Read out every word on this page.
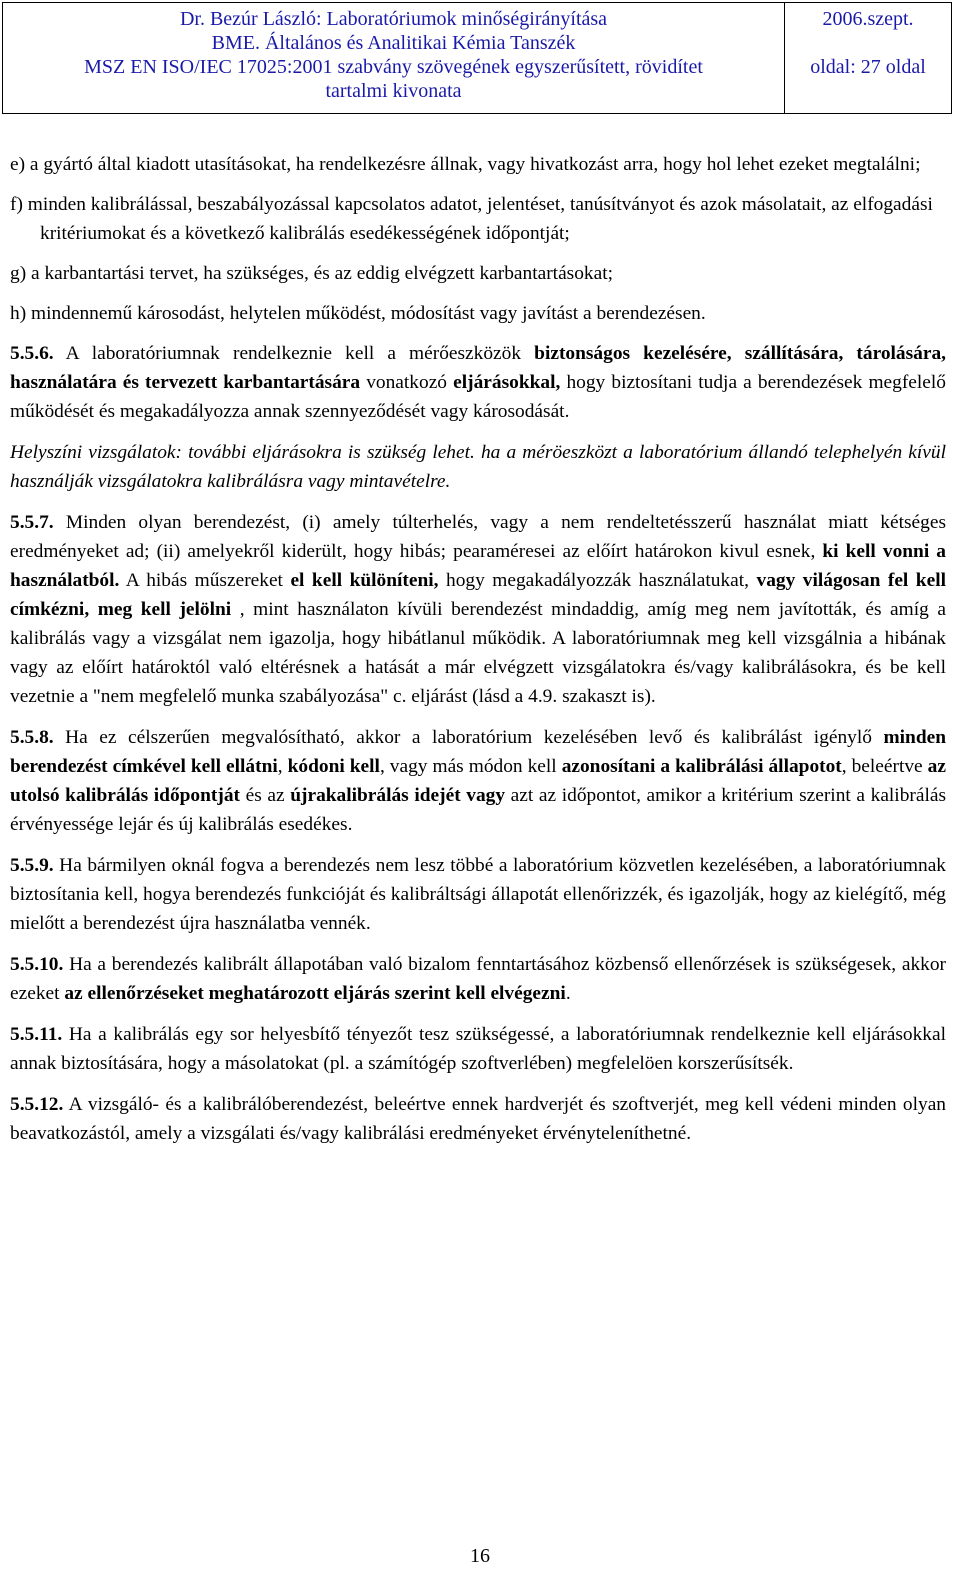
Dr. Bezúr László: Laboratóriumok minőségirányítása
BME. Általános és Analitikai Kémia Tanszék
MSZ EN ISO/IEC 17025:2001 szabvány szövegének egyszerűsített, rövidítet
tartalmi kivonata
2006.szept.
oldal: 27 oldal

e) a gyártó által kiadott utasításokat, ha rendelkezésre állnak, vagy hivatkozást arra, hogy hol lehet ezeket megtalálni;

f) minden kalibrálással, beszabályozással kapcsolatos adatot, jelentéset, tanúsítványot és azok másolatait, az elfogadási kritériumokat és a következő kalibrálás esedékességének időpontját;

g) a karbantartási tervet, ha szükséges, és az eddig elvégzett karbantartásokat;

h) mindennemű károsodást, helytelen működést, módosítást vagy javítást a berendezésen.

5.5.6. A laboratóriumnak rendelkeznie kell a mérőeszközök biztonságos kezelésére, szállítására, tárolására, használatára és tervezett karbantartására vonatkozó eljárásokkal, hogy biztosítani tudja a berendezések megfelelő működését és megakadályozza annak szennyeződését vagy károsodását.

Helyszíni vizsgálatok: további eljárásokra is szükség lehet. ha a méröeszközt a laboratórium állandó telephelyén kívül használják vizsgálatokra kalibrálásra vagy mintavételre.

5.5.7. Minden olyan berendezést, (i) amely túlterhelés, vagy a nem rendeltetésszerű használat miatt kétséges eredményeket ad; (ii) amelyekről kiderült, hogy hibás; pearaméresei az előírt határokon kivul esnek, ki kell vonni a használatból. A hibás műszereket el kell különíteni, hogy megakadályozzák használatukat, vagy világosan fel kell címkézni, meg kell jelölni , mint használaton kívüli berendezést mindaddig, amíg meg nem javították, és amíg a kalibrálás vagy a vizsgálat nem igazolja, hogy hibátlanul működik. A laboratóriumnak meg kell vizsgálnia a hibának vagy az előírt határoktól való eltérésnek a hatását a már elvégzett vizsgálatokra és/vagy kalibrálásokra, és be kell vezetnie a "nem megfelelő munka szabályozása" c. eljárást (lásd a 4.9. szakaszt is).

5.5.8. Ha ez célszerűen megvalósítható, akkor a laboratórium kezelésében levő és kalibrálást igénylő minden berendezést címkével kell ellátni, kódoni kell, vagy más módon kell azonosítani a kalibrálási állapotot, beleértve az utolsó kalibrálás időpontját és az újrakalibrálás idejét vagy azt az időpontot, amikor a kritérium szerint a kalibrálás érvényessége lejár és új kalibrálás esedékes.

5.5.9. Ha bármilyen oknál fogva a berendezés nem lesz többé a laboratórium közvetlen kezelésében, a laboratóriumnak biztosítania kell, hogya berendezés funkcióját és kalibráltsági állapotát ellenőrizzék, és igazolják, hogy az kielégítő, még mielőtt a berendezést újra használatba vennék.

5.5.10. Ha a berendezés kalibrált állapotában való bizalom fenntartásához közbenső ellenőrzések is szükségesek, akkor ezeket az ellenőrzéseket meghatározott eljárás szerint kell elvégezni.

5.5.11. Ha a kalibrálás egy sor helyesbítő tényezőt tesz szükségessé, a laboratóriumnak rendelkeznie kell eljárásokkal annak biztosítására, hogy a másolatokat (pl. a számítógép szoftverlében) megfelelöen korszerűsítsék.

5.5.12. A vizsgáló- és a kalibrálóberendezést, beleértve ennek hardverjét és szoftverjét, meg kell védeni minden olyan beavatkozástól, amely a vizsgálati és/vagy kalibrálási eredményeket érvényteleníthetné.

16
